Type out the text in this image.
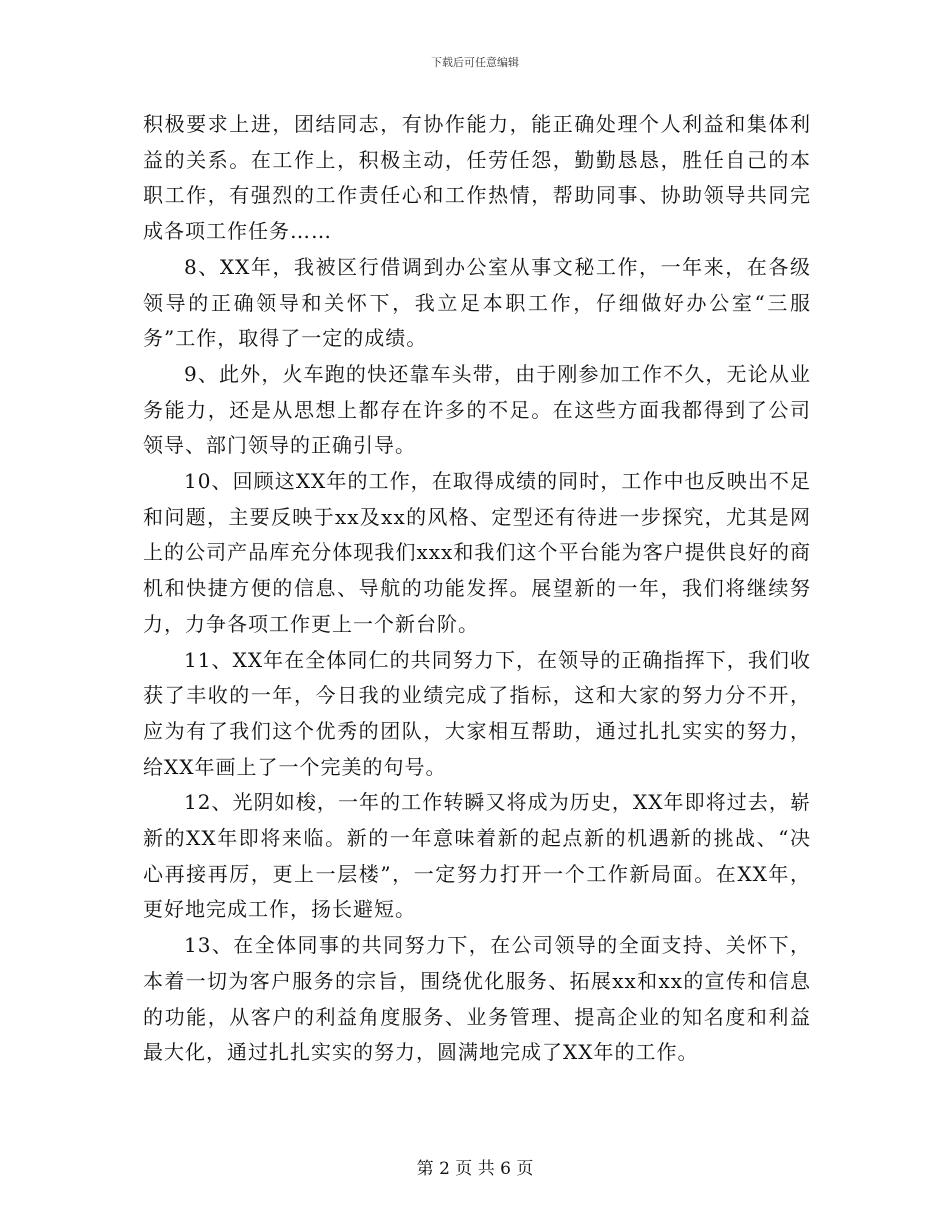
下载后可任意编辑

积极要求上进，团结同志，有协作能力，能正确处理个人利益和集体利益的关系。在工作上，积极主动，任劳任怨，勤勤恳恳，胜任自己的本职工作，有强烈的工作责任心和工作热情，帮助同事、协助领导共同完成各项工作任务……

8、XX年，我被区行借调到办公室从事文秘工作，一年来，在各级领导的正确领导和关怀下，我立足本职工作，仔细做好办公室“三服务”工作，取得了一定的成绩。

9、此外，火车跑的快还靠车头带，由于刚参加工作不久，无论从业务能力，还是从思想上都存在许多的不足。在这些方面我都得到了公司领导、部门领导的正确引导。

10、回顾这XX年的工作，在取得成绩的同时，工作中也反映出不足和问题，主要反映于xx及xx的风格、定型还有待进一步探究，尤其是网上的公司产品库充分体现我们xxx和我们这个平台能为客户提供良好的商机和快捷方便的信息、导航的功能发挥。展望新的一年，我们将继续努力，力争各项工作更上一个新台阶。

11、XX年在全体同仁的共同努力下，在领导的正确指挥下，我们收获了丰收的一年，今日我的业绩完成了指标，这和大家的努力分不开，应为有了我们这个优秀的团队，大家相互帮助，通过扎扎实实的努力，给XX年画上了一个完美的句号。

12、光阴如梭，一年的工作转瞬又将成为历史，XX年即将过去，崭新的XX年即将来临。新的一年意味着新的起点新的机遇新的挑战、“决心再接再厉，更上一层楼”，一定努力打开一个工作新局面。在XX年，更好地完成工作，扬长避短。

13、在全体同事的共同努力下，在公司领导的全面支持、关怀下，本着一切为客户服务的宗旨，围绕优化服务、拓展xx和xx的宣传和信息的功能，从客户的利益角度服务、业务管理、提高企业的知名度和利益最大化，通过扎扎实实的努力，圆满地完成了XX年的工作。

第 2 页 共 6 页
